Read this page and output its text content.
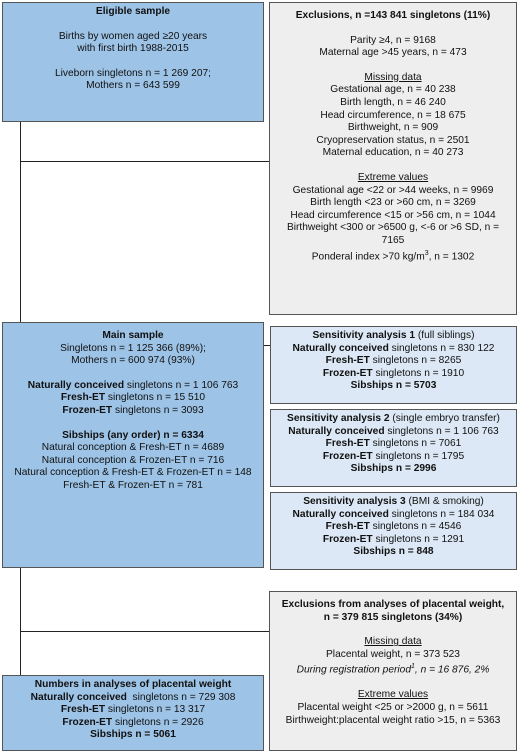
Eligible sample
Births by women aged ≥20 years
with first birth 1988-2015
Liveborn singletons n = 1 269 207;
Mothers n = 643 599
Exclusions, n =143 841 singletons (11%)
Parity ≥4, n = 9168
Maternal age >45 years, n = 473
Missing data
Gestational age, n = 40 238
Birth length, n = 46 240
Head circumference, n = 18 675
Birthweight, n = 909
Cryopreservation status, n = 2501
Maternal education, n = 40 273
Extreme values
Gestational age <22 or >44 weeks, n = 9969
Birth length <23 or >60 cm, n = 3269
Head circumference <15 or >56 cm, n = 1044
Birthweight <300 or >6500 g, <-6 or >6 SD, n =
7165
Ponderal index >70 $kg/m^3$, n = 1302
Main sample
Singletons n = 1 125 366 (89%);
Mothers n = 600 974 (93%)
Naturally conceived singletons n = 1 106 763
Fresh-ET singletons n = 15 510
Frozen-ET singletons n = 3093
Sibships (any order) n = 6334
Natural conception & Fresh-ET n = 4689
Natural conception & Frozen-ET n = 716
Natural conception & Fresh-ET & Frozen-ET n = 148
Fresh-ET & Frozen-ET n = 781
Sensitivity analysis 1 (full siblings)
Naturally conceived singletons n = 830 122
Fresh-ET singletons n = 8265
Frozen-ET singletons n = 1910
Sibships n = 5703
Sensitivity analysis 2 (single embryo transfer)
Naturally conceived singletons n = 1 106 763
Fresh-ET singletons n = 7061
Frozen-ET singletons n = 1795
Sibships n = 2996
Sensitivity analysis 3 (BMI & smoking)
Naturally conceived singletons n = 184 034
Fresh-ET singletons n = 4546
Frozen-ET singletons n = 1291
Sibships n = 848
Exclusions from analyses of placental weight,
n = 379 815 singletons (34%)
Missing data
Placental weight, n = 373 523
During registration period$^1$, n = 16 876, 2%
Extreme values
Placental weight <25 or >2000 g, n = 5611
Birthweight:placental weight ratio >15, n = 5363
Numbers in analyses of placental weight
Naturally conceived  singletons n = 729 308
Fresh-ET singletons n = 13 317
Frozen-ET singletons n = 2926
Sibships n = 5061
